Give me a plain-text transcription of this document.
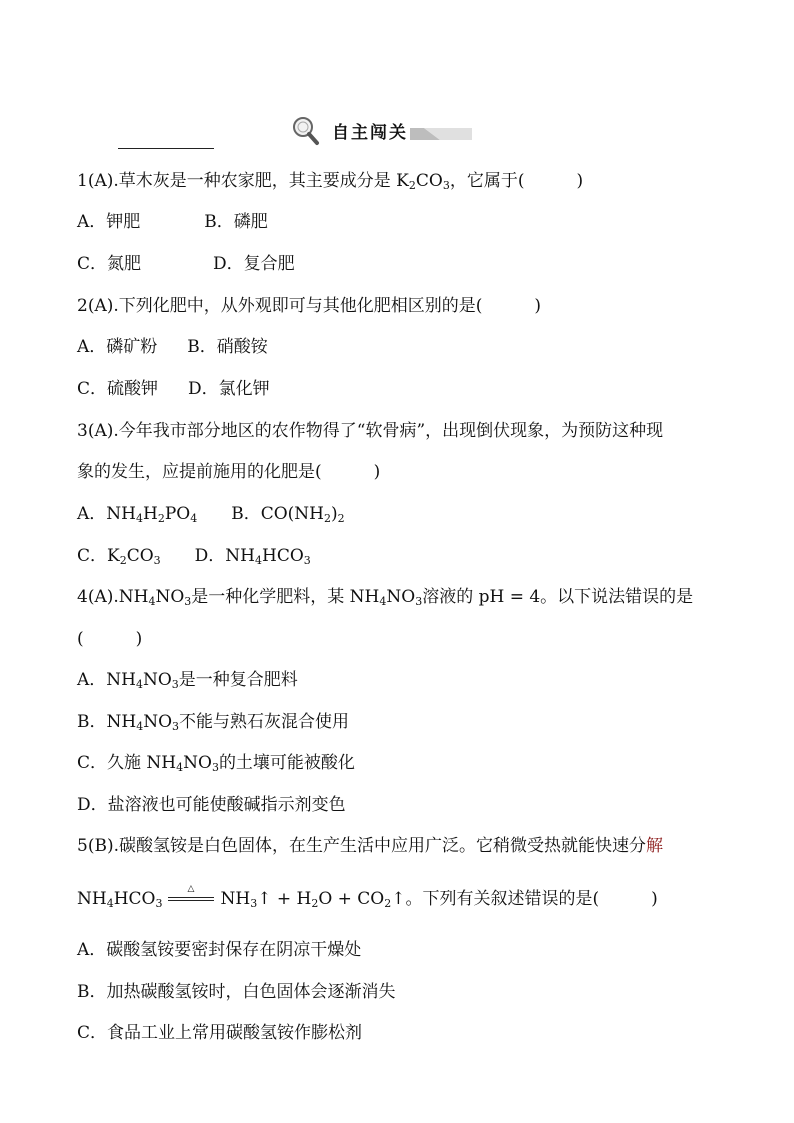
自主闯关
1(A).草木灰是一种农家肥，其主要成分是 $K_2CO_3$，它属于(	)
A．钾肥	B．磷肥
C．氮肥	D．复合肥
2(A).下列化肥中，从外观即可与其他化肥相区别的是(	)
A．磷矿粉 B．硝酸铵
C．硫酸钾 D．氯化钾
3(A).今年我市部分地区的农作物得了“软骨病”，出现倒伏现象，为预防这种现
象的发生，应提前施用的化肥是(	)
A．$NH_4H_2PO_4$ B．$CO(NH_2)_2$
C．$K_2CO_3$ D．$NH_4HCO_3$
$4(A).NH_4NO_3$是一种化学肥料，某 $NH_4NO_3$溶液的 pH = 4。以下说法错误的是
(	)
A．$NH_4NO_3$是一种复合肥料
B．$NH_4NO_3$不能与熟石灰混合使用
C．久施 $NH_4NO_3$的土壤可能被酸化
D．盐溶液也可能使酸碱指示剂变色
5(B).碳酸氢铵是白色固体，在生产生活中应用广泛。它稍微受热就能快速分解
$NH_4HCO_3$
△
$NH_3↑ + H_2O$ + $CO_2↑$。下列有关叙述错误的是(	)
A．碳酸氢铵要密封保存在阴凉干燥处
B．加热碳酸氢铵时，白色固体会逐渐消失
C．食品工业上常用碳酸氢铵作膨松剂
